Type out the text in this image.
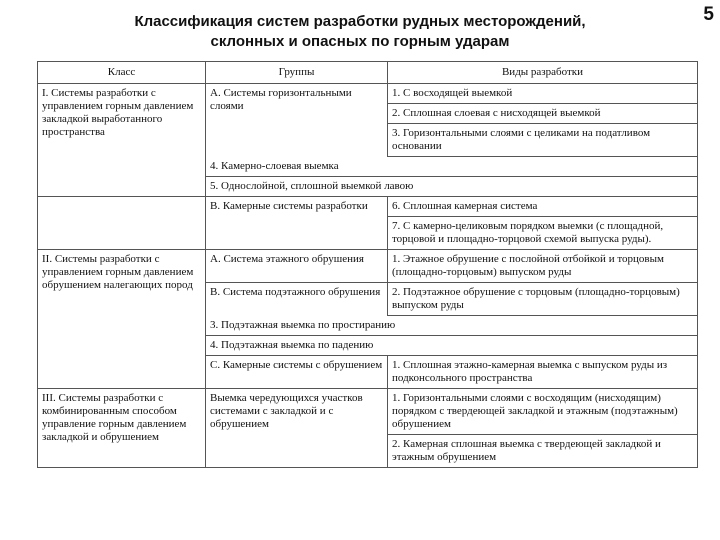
5
Классификация систем разработки рудных месторождений,
склонных и опасных по горным ударам
Класс	Группы	Виды разработки
I. Системы разработки с управлением горным давлением закладкой выработанного пространства	А. Системы горизонтальными слоями	1. С восходящей выемкой
		2. Сплошная слоевая с нисходящей выемкой
		3. Горизонтальными слоями с целиками на податливом основании
	4. Камерно-слоевая выемка	
	5. Однослойной, сплошной выемкой лавою	
	В. Камерные системы разработки	6. Сплошная камерная система
		7. С камерно-целиковым порядком выемки (с площадной, торцовой и площадно-торцовой схемой выпуска руды).
II. Системы разработки с управлением горным давлением обрушением налегающих пород	А. Система этажного обрушения	1. Этажное обрушение с послойной отбойкой и торцовым (площадно-торцовым) выпуском руды
	В. Система подэтажного обрушения	2. Подэтажное обрушение с торцовым (площадно-торцовым) выпуском руды
	3. Подэтажная выемка по простиранию	
	4. Подэтажная выемка по падению	
	С. Камерные системы с обрушением	1. Сплошная этажно-камерная выемка с выпуском руды из подконсольного пространства
III. Системы разработки с комбинированным способом управление горным давлением закладкой и обрушением	Выемка чередующихся участков системами с закладкой и с обрушением	1. Горизонтальными слоями с восходящим (нисходящим) порядком с твердеющей закладкой и этажным (подэтажным) обрушением
		2. Камерная сплошная выемка с твердеющей закладкой и этажным обрушением
